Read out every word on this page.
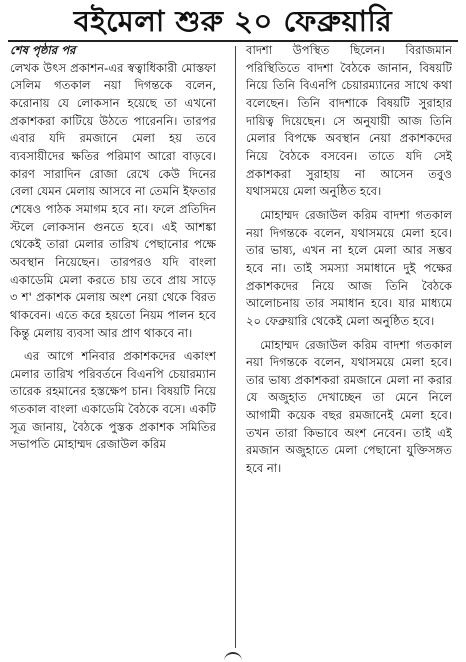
বইমেলা শুরু ২০ ফেব্রুয়ারি
শেষ পৃষ্ঠার পর

লেখক উৎস প্রকাশন-এর স্বত্বাধিকারী মোস্তফা সেলিম গতকাল নয়া দিগন্তকে বলেন, করোনায় যে লোকসান হয়েছে তা এখনো প্রকাশকরা কাটিয়ে উঠতে পারেননি। তারপর এবার যদি রমজানে মেলা হয় তবে ব্যবসায়ীদের ক্ষতির পরিমাণ আরো বাড়বে। কারণ সারাদিন রোজা রেখে কেউ দিনের বেলা যেমন মেলায় আসবে না তেমনি ইফতার শেষেও পাঠক সমাগম হবে না। ফলে প্রতিদিন স্টলে লোকসান গুনতে হবে। এই আশঙ্কা থেকেই তারা মেলার তারিখ পেছানোর পক্ষে অবস্থান নিয়েছেন। তারপরও যদি বাংলা একাডেমি মেলা করতে চায় তবে প্রায় সাড়ে ৩ শ' প্রকাশক মেলায় অংশ নেয়া থেকে বিরত থাকবেন। এতে করে হয়তো নিয়ম পালন হবে কিন্তু মেলায় ব্যবসা আর প্রাণ থাকবে না।

এর আগে শনিবার প্রকাশকদের একাংশ মেলার তারিখ পরিবর্তনে বিএনপি চেয়ারম্যান তারেক রহমানের হস্তক্ষেপ চান। বিষয়টি নিয়ে গতকাল বাংলা একাডেমি বৈঠকে বসে। একটি সূত্র জানায়, বৈঠকে পুস্তক প্রকাশক সমিতির সভাপতি মোহাম্মদ রেজাউল করিম

বাদশা উপস্থিত ছিলেন। বিরাজমান পরিস্থিতিতে বাদশা বৈঠকে জানান, বিষয়টি নিয়ে তিনি বিএনপি চেয়ারম্যানের সাথে কথা বলেছেন। তিনি বাদশাকে বিষয়টি সুরাহার দায়িত্ব দিয়েছেন। সে অনুযায়ী আজ তিনি মেলার বিপক্ষে অবস্থান নেয়া প্রকাশকদের নিয়ে বৈঠকে বসবেন। তাতে যদি সেই প্রকাশকরা সুরাহায় না আসেন তবুও যথাসময়ে মেলা অনুষ্ঠিত হবে।

মোহাম্মদ রেজাউল করিম বাদশা গতকাল নয়া দিগন্তকে বলেন, যথাসময়ে মেলা হবে। তার ভাষ্য, এখন না হলে মেলা আর সম্ভব হবে না। তাই সমস্যা সমাধানে দুই পক্ষের প্রকাশকদের নিয়ে আজ তিনি বৈঠকে আলোচনায় তার সমাধান হবে। যার মাধ্যমে ২০ ফেব্রুয়ারি থেকেই মেলা অনুষ্ঠিত হবে।

মোহাম্মদ রেজাউল করিম বাদশা গতকাল নয়া দিগন্তকে বলেন, যথাসময়ে মেলা হবে। তার ভাষ্য প্রকাশকরা রমজানে মেলা না করার যে অজুহাত দেখাচ্ছেন তা মেনে নিলে আগামী কয়েক বছর রমজানেই মেলা হবে। তখন তারা কিভাবে অংশ নেবেন। তাই এই রমজান অজুহাতে মেলা পেছানো যুক্তিসঙ্গত হবে না।
